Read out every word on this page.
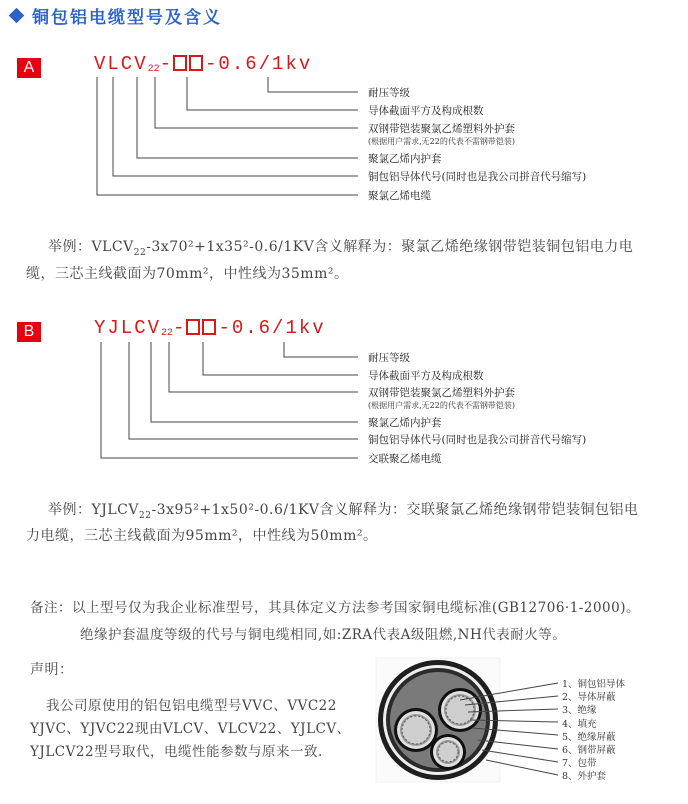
铜包铝电缆型号及含义
A	$VLCV_{22}-$ -0.6/1kv
耐压等级
导体截面平方及构成根数
双钢带铠装聚氯乙烯塑料外护套
(根据用户需求,无22的代表不需钢带铠装)
聚氯乙烯内护套
铜包铝导体代号(同时也是我公司拼音代号缩写)
聚氯乙烯电缆
举例：$VLCV_{22}-3x70^2+1x35^2-0.6/1KV$含义解释为：聚氯乙烯绝缘钢带铠装铜包铝电力电
缆，三芯主线截面为70mm²，中性线为35mm²。
B	$YJLCV_{22}-$ -0.6/1kv
耐压等级
导体截面平方及构成根数
双钢带铠装聚氯乙烯塑料外护套
(根据用户需求,无22的代表不需钢带铠装)
聚氯乙烯内护套
铜包铝导体代号(同时也是我公司拼音代号缩写)
交联聚乙烯电缆
举例：$YJLCV_{22}-3x95^2+1x50^2-0.6/1KV$含义解释为：交联聚氯乙烯绝缘钢带铠装铜包铝电
力电缆，三芯主线截面为95mm²，中性线为50mm²。
备注：以上型号仅为我企业标准型号，其具体定义方法参考国家铜电缆标准(GB12706·1-2000)。
绝缘护套温度等级的代号与铜电缆相同,如:ZRA代表A级阻燃,NH代表耐火等。
声明：
我公司原使用的铝包铝电缆型号VVC、VVC22
YJVC、YJVC22现由VLCV、VLCV22、YJLCV、
YJLCV22型号取代，电缆性能参数与原来一致.
1、铜包铝导体
2、导体屏蔽
3、绝缘
4、填充
5、绝缘屏蔽
6、钢带屏蔽
7、包带
8、外护套
